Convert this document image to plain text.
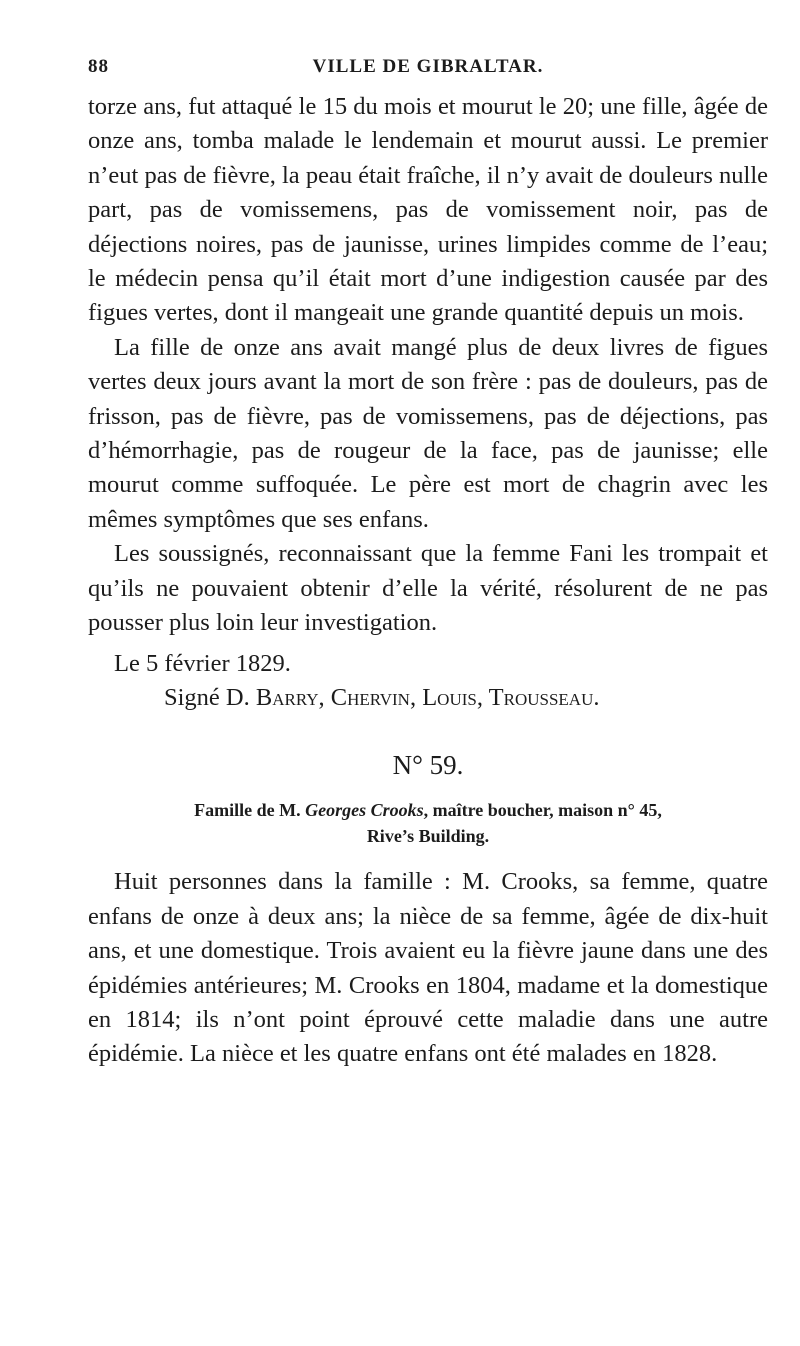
88	VILLE DE GIBRALTAR.

torze ans, fut attaqué le 15 du mois et mourut le 20; une fille, âgée de onze ans, tomba malade le lendemain et mourut aussi. Le premier n’eut pas de fièvre, la peau était fraîche, il n’y avait de douleurs nulle part, pas de vomissemens, pas de vomissement noir, pas de déjections noires, pas de jaunisse, urines limpides comme de l’eau; le médecin pensa qu’il était mort d’une indigestion causée par des figues vertes, dont il mangeait une grande quantité depuis un mois.

La fille de onze ans avait mangé plus de deux livres de figues vertes deux jours avant la mort de son frère : pas de douleurs, pas de frisson, pas de fièvre, pas de vomissemens, pas de déjections, pas d’hémorrhagie, pas de rougeur de la face, pas de jaunisse; elle mourut comme suffoquée. Le père est mort de chagrin avec les mêmes symptômes que ses enfans.

Les soussignés, reconnaissant que la femme Fani les trompait et qu’ils ne pouvaient obtenir d’elle la vérité, résolurent de ne pas pousser plus loin leur investigation.

Le 5 février 1829.

Signé D. Barry, Chervin, Louis, Trousseau.

N° 59.
Famille de M. Georges Crooks, maître boucher, maison n° 45,
Rive’s Building.

Huit personnes dans la famille : M. Crooks, sa femme, quatre enfans de onze à deux ans; la nièce de sa femme, âgée de dix-huit ans, et une domestique. Trois avaient eu la fièvre jaune dans une des épidémies antérieures; M. Crooks en 1804, madame et la domestique en 1814; ils n’ont point éprouvé cette maladie dans une autre épidémie. La nièce et les quatre enfans ont été malades en 1828.
